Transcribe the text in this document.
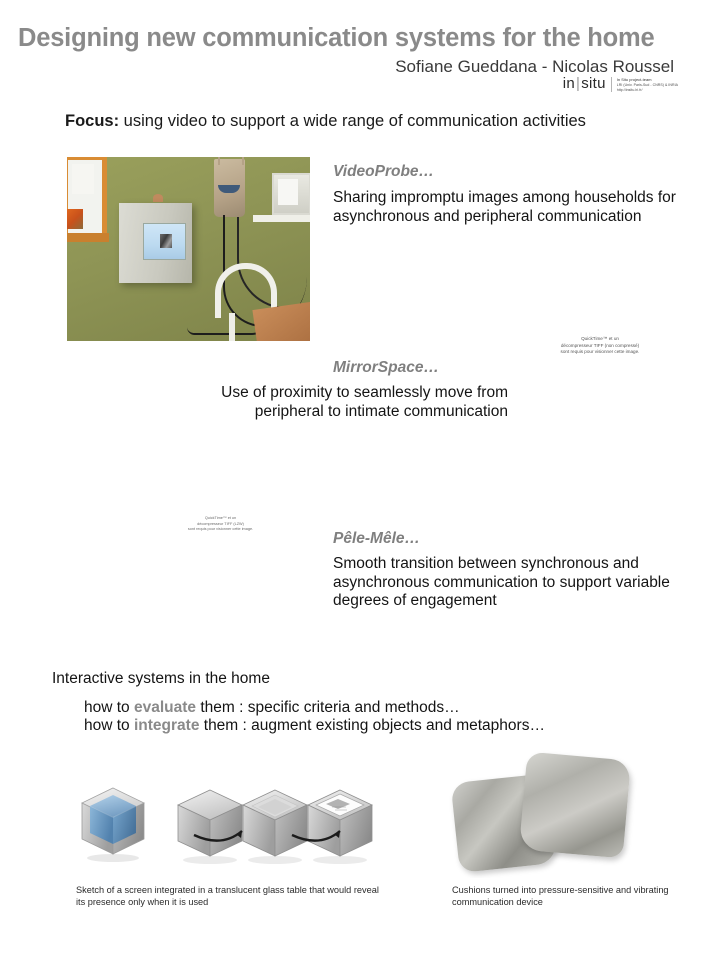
Designing new communication systems for the home
Sofiane Gueddana - Nicolas Roussel
in|situ	In Situ project-team
LRI (Univ. Paris-Sud - CNRS) & INRIA
http://insitu.lri.fr/
Focus: using video to support a wide range of communication activities
VideoProbe…
Sharing impromptu images among households for asynchronous and peripheral communication
QuickTime™ et un
décompresseur TIFF (non compressé)
sont requis pour visionner cette image.
MirrorSpace…
Use of proximity to seamlessly move from peripheral to intimate communication
QuickTime™ et un
décompresseur TIFF (LZW)
sont requis pour visionner cette image.
Pêle-Mêle…
Smooth transition between synchronous and asynchronous communication to support variable degrees of engagement
Interactive systems in the home
how to evaluate them : specific criteria and methods…
how to integrate them : augment existing objects and metaphors…
Sketch of a screen integrated in a translucent glass table that would reveal its presence only when it is used
Cushions turned into pressure-sensitive and vibrating communication device
